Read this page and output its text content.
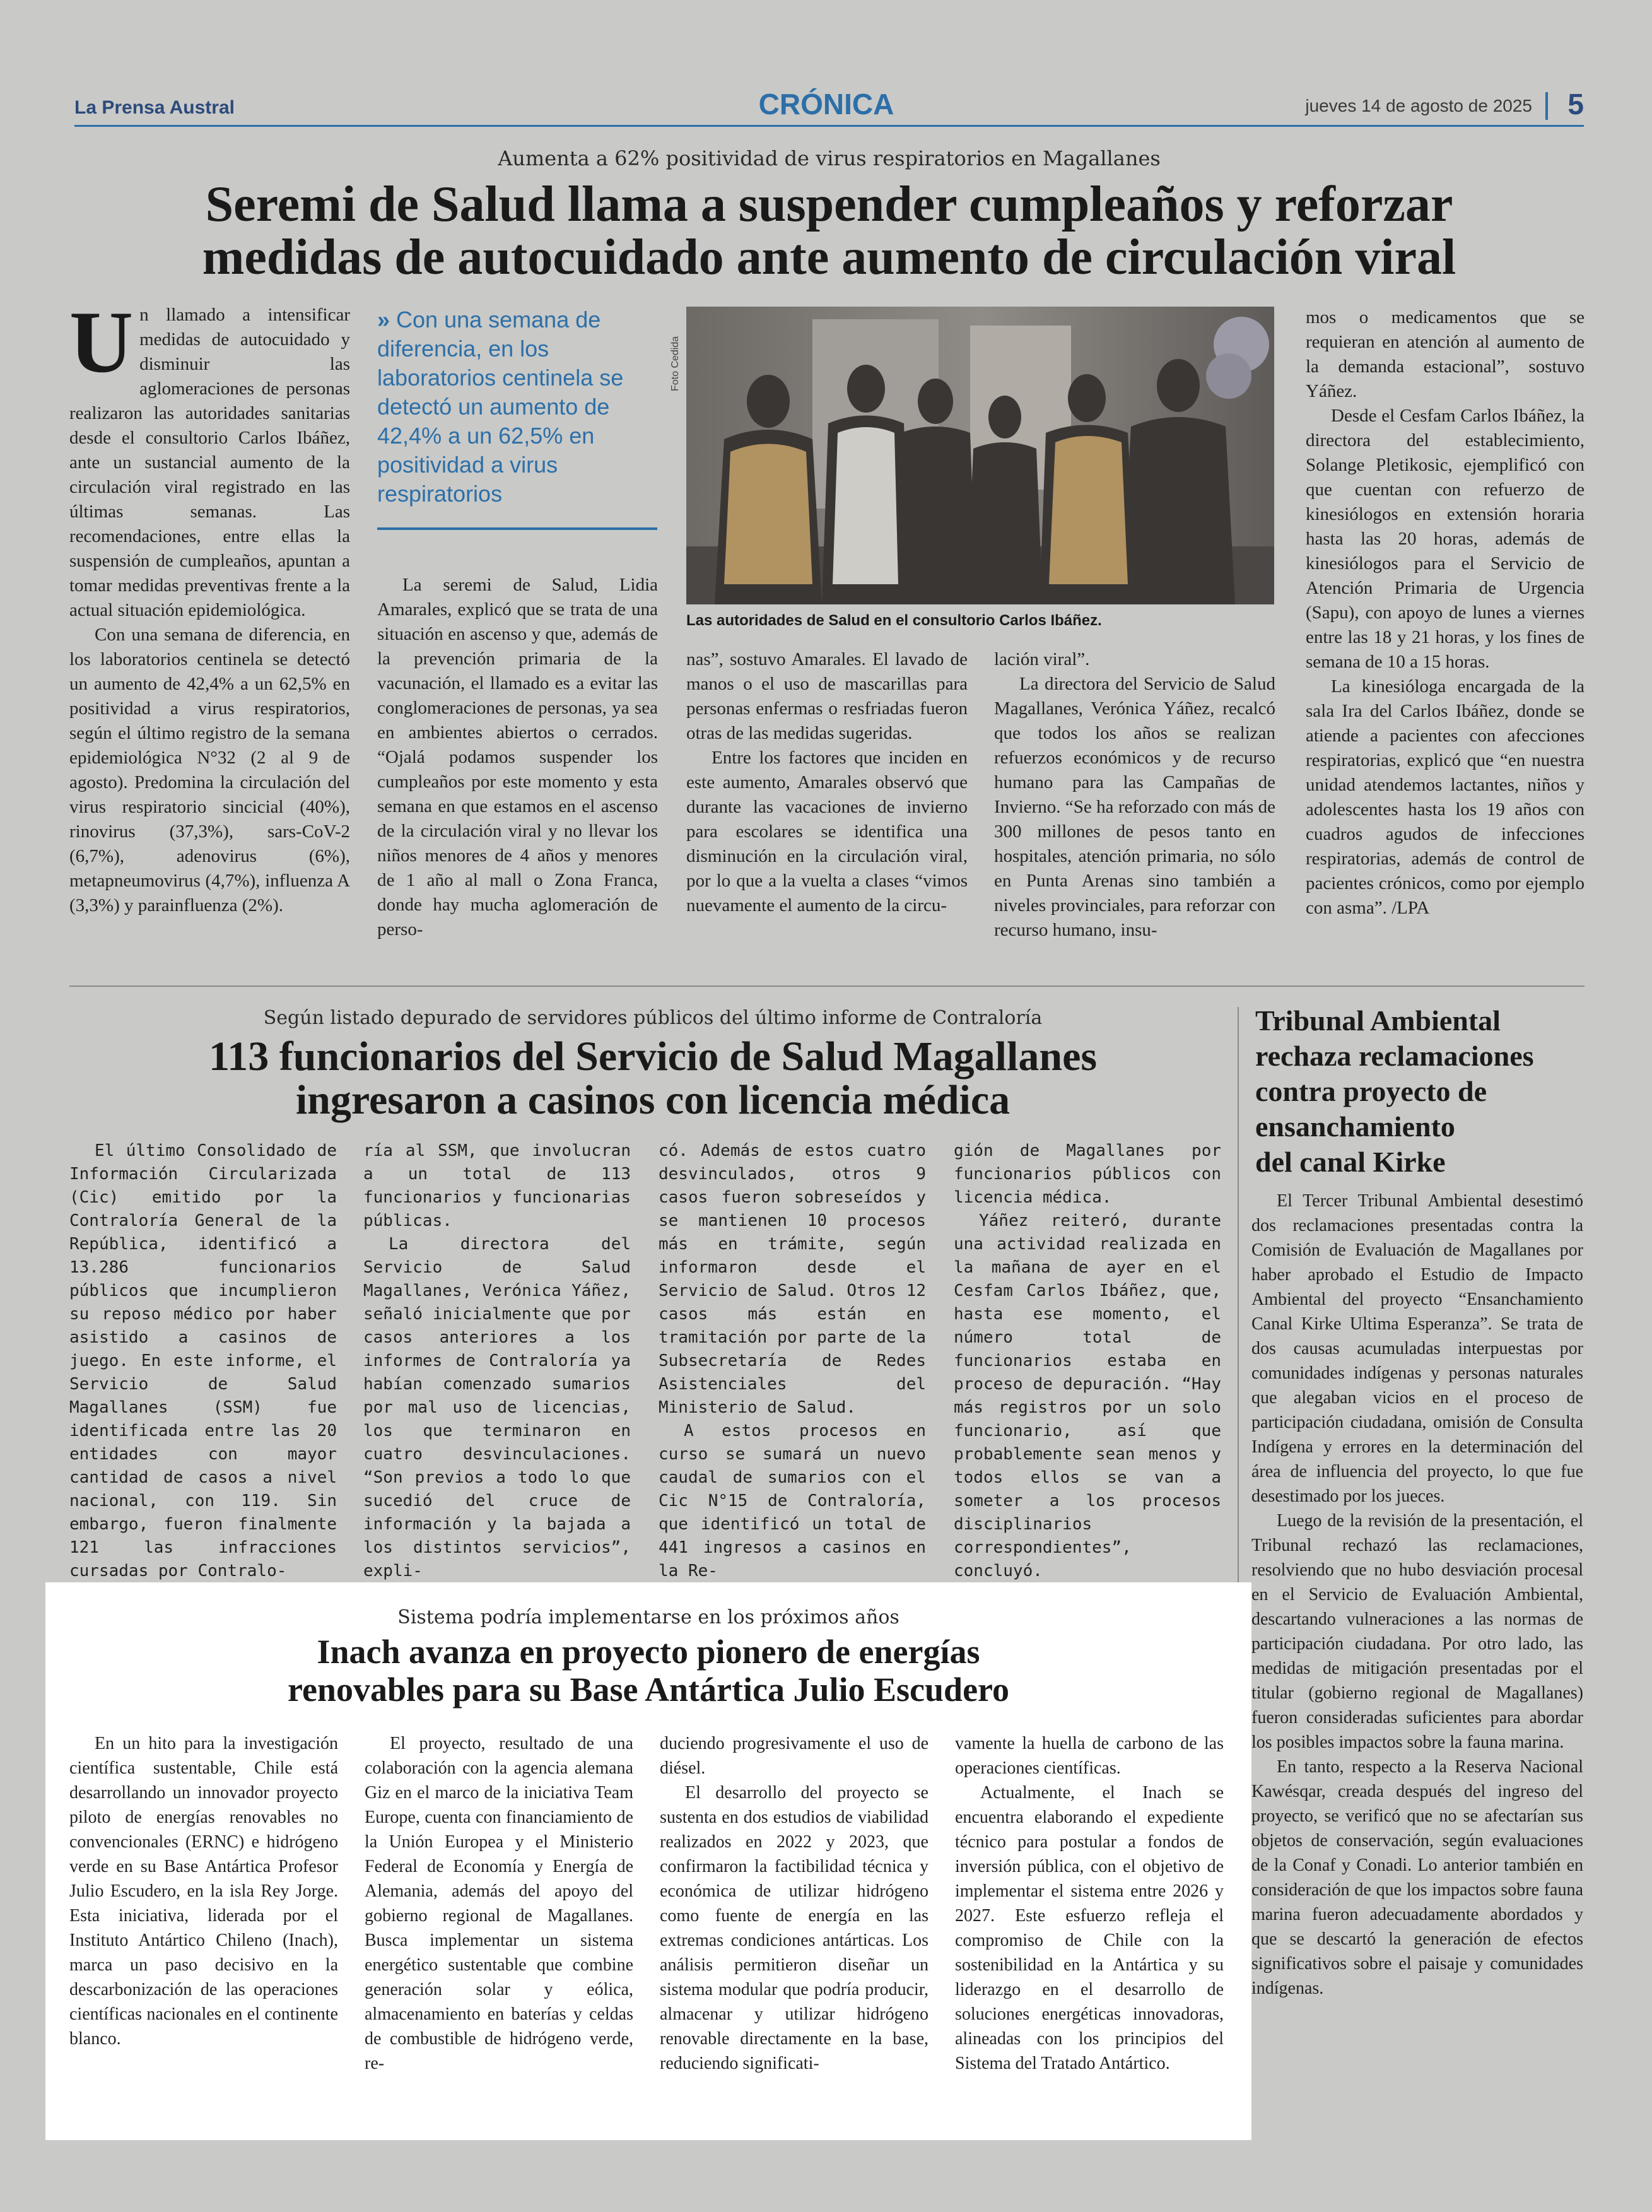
La Prensa Austral	CRÓNICA	jueves 14 de agosto de 2025 5
Aumenta a 62% positividad de virus respiratorios en Magallanes
Seremi de Salud llama a suspender cumpleaños y reforzar
medidas de autocuidado ante aumento de circulación viral
U n llamado a intensificar medidas de autocuidado y disminuir las aglomeraciones de personas realizaron las autoridades sanitarias desde el consultorio Carlos Ibáñez, ante un sustancial aumento de la circulación viral registrado en las últimas semanas. Las recomendaciones, entre ellas la suspensión de cumpleaños, apuntan a tomar medidas preventivas frente a la actual situación epidemiológica.

Con una semana de diferencia, en los laboratorios centinela se detectó un aumento de 42,4% a un 62,5% en positividad a virus respiratorios, según el último registro de la semana epidemiológica N°32 (2 al 9 de agosto). Predomina la circulación del virus respiratorio sincicial (40%), rinovirus (37,3%), sars-CoV-2 (6,7%), adenovirus (6%), metapneumovirus (4,7%), influenza A (3,3%) y parainfluenza (2%).

» Con una semana de diferencia, en los laboratorios centinela se detectó un aumento de 42,4% a un 62,5% en positividad a virus respiratorios

La seremi de Salud, Lidia Amarales, explicó que se trata de una situación en ascenso y que, además de la prevención primaria de la vacunación, el llamado es a evitar las conglomeraciones de personas, ya sea en ambientes abiertos o cerrados. “Ojalá podamos suspender los cumpleaños por este momento y esta semana en que estamos en el ascenso de la circulación viral y no llevar los niños menores de 4 años y menores de 1 año al mall o Zona Franca, donde hay mucha aglomeración de perso-

Foto Cedida
Las autoridades de Salud en el consultorio Carlos Ibáñez.

nas”, sostuvo Amarales. El lavado de manos o el uso de mascarillas para personas enfermas o resfriadas fueron otras de las medidas sugeridas.

Entre los factores que inciden en este aumento, Amarales observó que durante las vacaciones de invierno para escolares se identifica una disminución en la circulación viral, por lo que a la vuelta a clases “vimos nuevamente el aumento de la circu-

lación viral”.

La directora del Servicio de Salud Magallanes, Verónica Yáñez, recalcó que todos los años se realizan refuerzos económicos y de recurso humano para las Campañas de Invierno. “Se ha reforzado con más de 300 millones de pesos tanto en hospitales, atención primaria, no sólo en Punta Arenas sino también a niveles provinciales, para reforzar con recurso humano, insu-

mos o medicamentos que se requieran en atención al aumento de la demanda estacional”, sostuvo Yáñez.

Desde el Cesfam Carlos Ibáñez, la directora del establecimiento, Solange Pletikosic, ejemplificó con que cuentan con refuerzo de kinesiólogos en extensión horaria hasta las 20 horas, además de kinesiólogos para el Servicio de Atención Primaria de Urgencia (Sapu), con apoyo de lunes a viernes entre las 18 y 21 horas, y los fines de semana de 10 a 15 horas.

La kinesióloga encargada de la sala Ira del Carlos Ibáñez, donde se atiende a pacientes con afecciones respiratorias, explicó que “en nuestra unidad atendemos lactantes, niños y adolescentes hasta los 19 años con cuadros agudos de infecciones respiratorias, además de control de pacientes crónicos, como por ejemplo con asma”. /LPA

Según listado depurado de servidores públicos del último informe de Contraloría
113 funcionarios del Servicio de Salud Magallanes
ingresaron a casinos con licencia médica

El último Consolidado de Información Circularizada (Cic) emitido por la Contraloría General de la República, identificó a 13.286 funcionarios públicos que incumplieron su reposo médico por haber asistido a casinos de juego. En este informe, el Servicio de Salud Magallanes (SSM) fue identificada entre las 20 entidades con mayor cantidad de casos a nivel nacional, con 119. Sin embargo, fueron finalmente 121 las infracciones cursadas por Contralo-

ría al SSM, que involucran a un total de 113 funcionarios y funcionarias públicas.

La directora del Servicio de Salud Magallanes, Verónica Yáñez, señaló inicialmente que por casos anteriores a los informes de Contraloría ya habían comenzado sumarios por mal uso de licencias, los que terminaron en cuatro desvinculaciones. “Son previos a todo lo que sucedió del cruce de información y la bajada a los distintos servicios”, expli-

có. Además de estos cuatro desvinculados, otros 9 casos fueron sobreseídos y se mantienen 10 procesos más en trámite, según informaron desde el Servicio de Salud. Otros 12 casos más están en tramitación por parte de la Subsecretaría de Redes Asistenciales del Ministerio de Salud.

A estos procesos en curso se sumará un nuevo caudal de sumarios con el Cic N°15 de Contraloría, que identificó un total de 441 ingresos a casinos en la Re-

gión de Magallanes por funcionarios públicos con licencia médica.

Yáñez reiteró, durante una actividad realizada en la mañana de ayer en el Cesfam Carlos Ibáñez, que, hasta ese momento, el número total de funcionarios estaba en proceso de depuración. “Hay más registros por un solo funcionario, así que probablemente sean menos y todos ellos se van a someter a los procesos disciplinarios correspondientes”, concluyó.

Tribunal Ambiental
rechaza reclamaciones
contra proyecto de
ensanchamiento
del canal Kirke

El Tercer Tribunal Ambiental desestimó dos reclamaciones presentadas contra la Comisión de Evaluación de Magallanes por haber aprobado el Estudio de Impacto Ambiental del proyecto “Ensanchamiento Canal Kirke Ultima Esperanza”. Se trata de dos causas acumuladas interpuestas por comunidades indígenas y personas naturales que alegaban vicios en el proceso de participación ciudadana, omisión de Consulta Indígena y errores en la determinación del área de influencia del proyecto, lo que fue desestimado por los jueces.

Luego de la revisión de la presentación, el Tribunal rechazó las reclamaciones, resolviendo que no hubo desviación procesal en el Servicio de Evaluación Ambiental, descartando vulneraciones a las normas de participación ciudadana. Por otro lado, las medidas de mitigación presentadas por el titular (gobierno regional de Magallanes) fueron consideradas suficientes para abordar los posibles impactos sobre la fauna marina.

En tanto, respecto a la Reserva Nacional Kawésqar, creada después del ingreso del proyecto, se verificó que no se afectarían sus objetos de conservación, según evaluaciones de la Conaf y Conadi. Lo anterior también en consideración de que los impactos sobre fauna marina fueron adecuadamente abordados y que se descartó la generación de efectos significativos sobre el paisaje y comunidades indígenas.

Sistema podría implementarse en los próximos años
Inach avanza en proyecto pionero de energías
renovables para su Base Antártica Julio Escudero

En un hito para la investigación científica sustentable, Chile está desarrollando un innovador proyecto piloto de energías renovables no convencionales (ERNC) e hidrógeno verde en su Base Antártica Profesor Julio Escudero, en la isla Rey Jorge. Esta iniciativa, liderada por el Instituto Antártico Chileno (Inach), marca un paso decisivo en la descarbonización de las operaciones científicas nacionales en el continente blanco.

El proyecto, resultado de una colaboración con la agencia alemana Giz en el marco de la iniciativa Team Europe, cuenta con financiamiento de la Unión Europea y el Ministerio Federal de Economía y Energía de Alemania, además del apoyo del gobierno regional de Magallanes. Busca implementar un sistema energético sustentable que combine generación solar y eólica, almacenamiento en baterías y celdas de combustible de hidrógeno verde, re-

duciendo progresivamente el uso de diésel.

El desarrollo del proyecto se sustenta en dos estudios de viabilidad realizados en 2022 y 2023, que confirmaron la factibilidad técnica y económica de utilizar hidrógeno como fuente de energía en las extremas condiciones antárticas. Los análisis permitieron diseñar un sistema modular que podría producir, almacenar y utilizar hidrógeno renovable directamente en la base, reduciendo significati-

vamente la huella de carbono de las operaciones científicas.

Actualmente, el Inach se encuentra elaborando el expediente técnico para postular a fondos de inversión pública, con el objetivo de implementar el sistema entre 2026 y 2027. Este esfuerzo refleja el compromiso de Chile con la sostenibilidad en la Antártica y su liderazgo en el desarrollo de soluciones energéticas innovadoras, alineadas con los principios del Sistema del Tratado Antártico.
